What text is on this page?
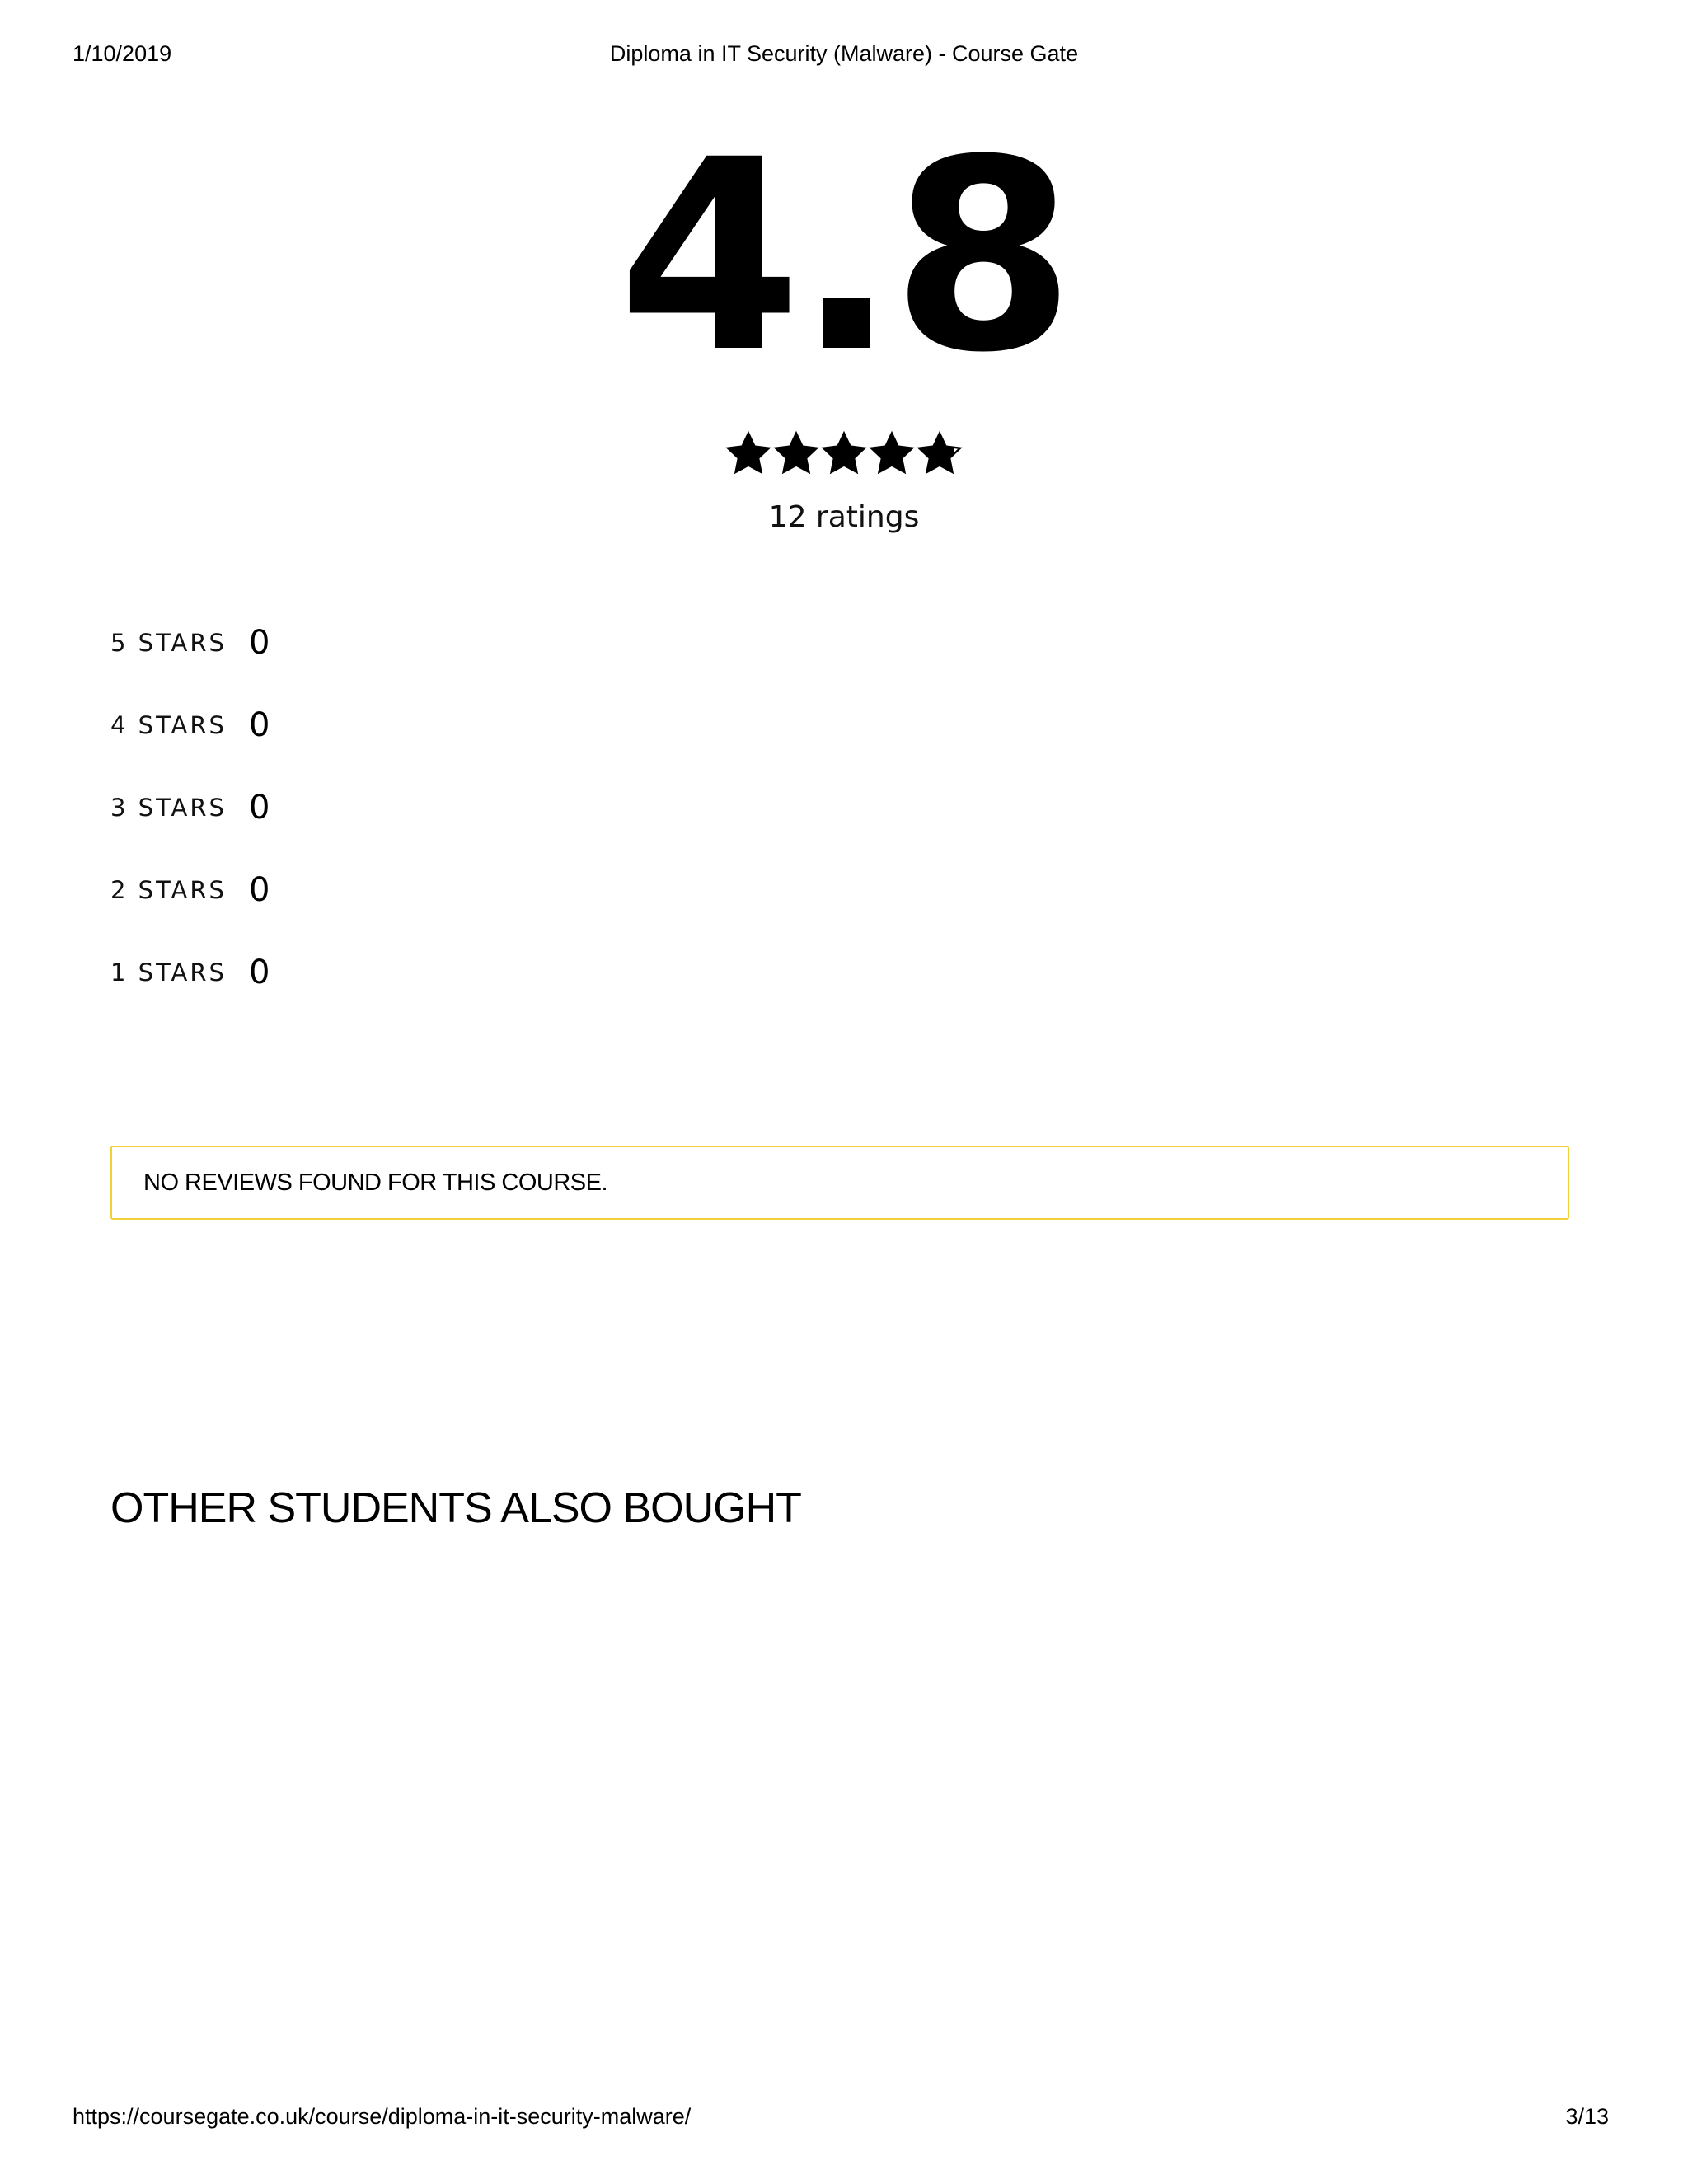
1/10/2019	Diploma in IT Security (Malware) - Course Gate
4.8
12 ratings
5 STARS 0
4 STARS 0
3 STARS 0
2 STARS 0
1 STARS 0
NO REVIEWS FOUND FOR THIS COURSE.
OTHER STUDENTS ALSO BOUGHT
https://coursegate.co.uk/course/diploma-in-it-security-malware/	3/13
